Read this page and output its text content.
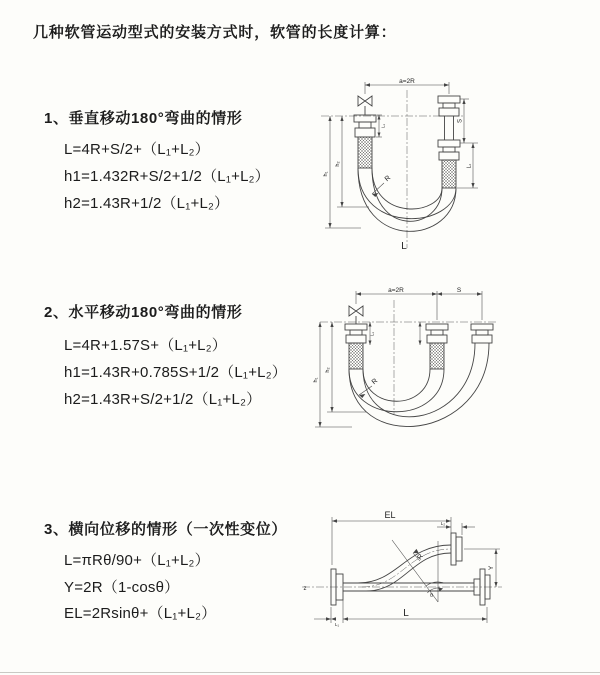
几种软管运动型式的安装方式时，软管的长度计算：
1、垂直移动180°弯曲的情形
L=4R+S/2+（L₁+L₂）
h1=1.432R+S/2+1/2（L₁+L₂）
h2=1.43R+1/2（L₁+L₂）
a=2R
S
L₂
h₁
h₂
L₁
R
L
2、水平移动180°弯曲的情形
L=4R+1.57S+（L₁+L₂）
h1=1.43R+0.785S+1/2（L₁+L₂）
h2=1.43R+S/2+1/2（L₁+L₂）
a=2R	S
h₁
h₂
L₁
R
3、横向位移的情形（一次性变位）
L=πRθ/90+（L₁+L₂）
Y=2R（1-cosθ）
EL=2Rsinθ+（L₁+L₂）
EL
L₂
Y
R
θ
L
L₁
z
